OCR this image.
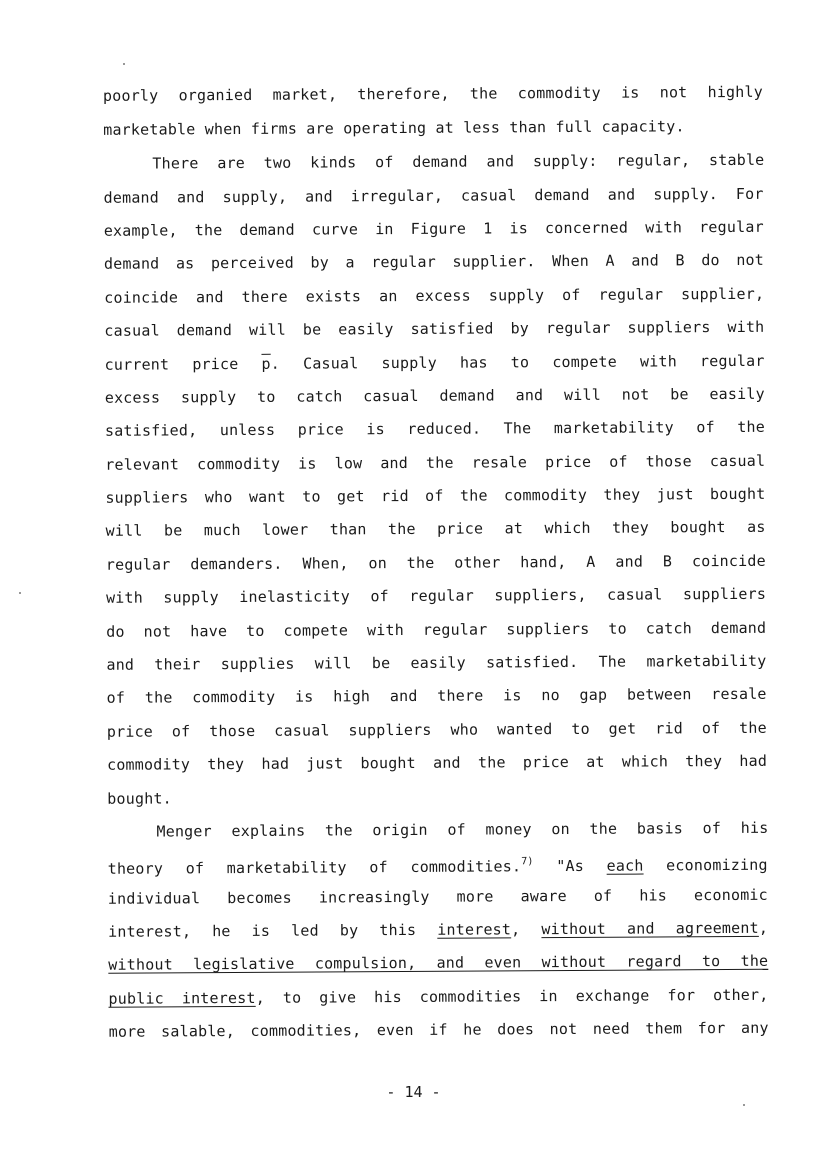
poorly organied market, therefore, the commodity is not highly
marketable when firms are operating at less than full capacity.
There are two kinds of demand and supply: regular, stable
demand and supply, and irregular, casual demand and supply. For
example, the demand curve in Figure 1 is concerned with regular
demand as perceived by a regular supplier. When A and B do not
coincide and there exists an excess supply of regular supplier,
casual demand will be easily satisfied by regular suppliers with
current price $\overline{p}$. Casual supply has to compete with regular
excess supply to catch casual demand and will not be easily
satisfied, unless price is reduced. The marketability of the
relevant commodity is low and the resale price of those casual
suppliers who want to get rid of the commodity they just bought
will be much lower than the price at which they bought as
regular demanders. When, on the other hand, A and B coincide
with supply inelasticity of regular suppliers, casual suppliers
do not have to compete with regular suppliers to catch demand
and their supplies will be easily satisfied. The marketability
of the commodity is high and there is no gap between resale
price of those casual suppliers who wanted to get rid of the
commodity they had just bought and the price at which they had
bought.
Menger explains the origin of money on the basis of his
theory of marketability of commodities.$^{7)}$ "As each economizing
individual becomes increasingly more aware of his economic
interest, he is led by this interest, without and agreement,
without legislative compulsion, and even without regard to the
public interest, to give his commodities in exchange for other,
more salable, commodities, even if he does not need them for any
- 14 -
